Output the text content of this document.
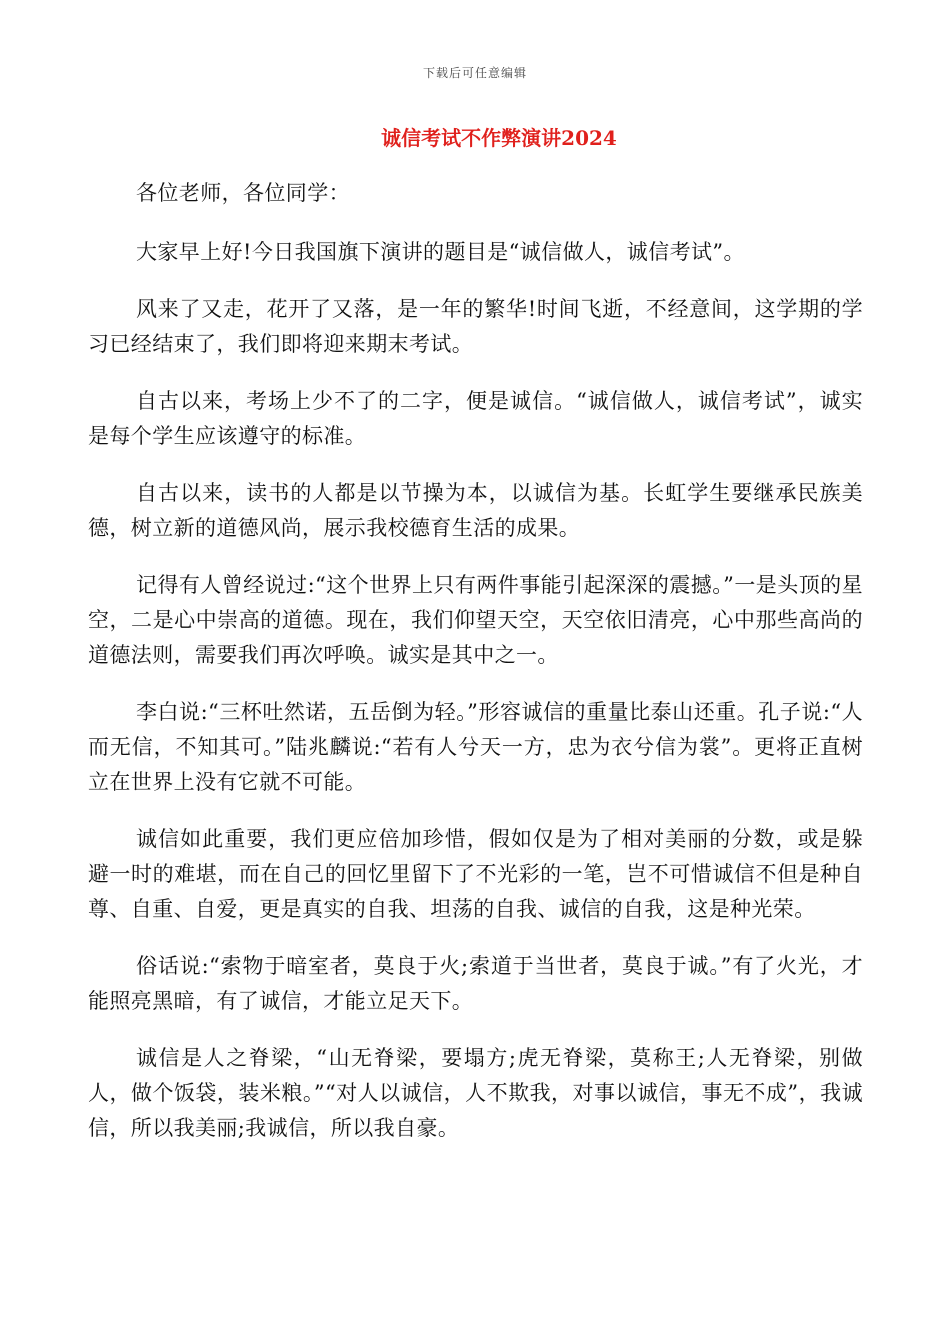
下载后可任意编辑
诚信考试不作弊演讲2024

各位老师，各位同学：

大家早上好!今日我国旗下演讲的题目是“诚信做人，诚信考试”。

风来了又走，花开了又落，是一年的繁华!时间飞逝，不经意间，这学期的学习已经结束了，我们即将迎来期末考试。

自古以来，考场上少不了的二字，便是诚信。“诚信做人，诚信考试”，诚实是每个学生应该遵守的标准。

自古以来，读书的人都是以节操为本，以诚信为基。长虹学生要继承民族美德，树立新的道德风尚，展示我校德育生活的成果。

记得有人曾经说过:“这个世界上只有两件事能引起深深的震撼。”一是头顶的星空，二是心中崇高的道德。现在，我们仰望天空，天空依旧清亮，心中那些高尚的道德法则，需要我们再次呼唤。诚实是其中之一。

李白说:“三杯吐然诺，五岳倒为轻。”形容诚信的重量比泰山还重。孔子说:“人而无信，不知其可。”陆兆麟说:“若有人兮天一方，忠为衣兮信为裳”。更将正直树立在世界上没有它就不可能。

诚信如此重要，我们更应倍加珍惜，假如仅是为了相对美丽的分数，或是躲避一时的难堪，而在自己的回忆里留下了不光彩的一笔，岂不可惜诚信不但是种自尊、自重、自爱，更是真实的自我、坦荡的自我、诚信的自我，这是种光荣。

俗话说:“索物于暗室者，莫良于火;索道于当世者，莫良于诚。”有了火光，才能照亮黑暗，有了诚信，才能立足天下。

诚信是人之脊梁，“山无脊梁，要塌方;虎无脊梁，莫称王;人无脊梁，别做人，做个饭袋，装米粮。”“对人以诚信，人不欺我，对事以诚信，事无不成”，我诚信，所以我美丽;我诚信，所以我自豪。
